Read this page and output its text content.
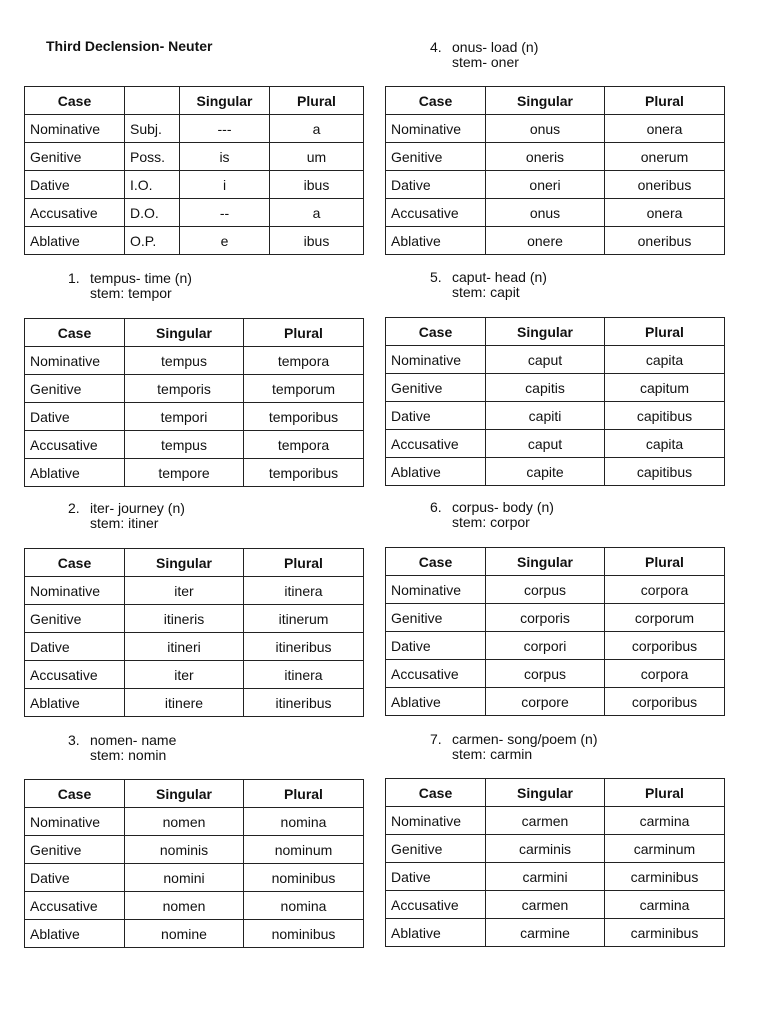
Third Declension- Neuter
Case		Singular	Plural
Nominative	Subj.	---	a
Genitive	Poss.	is	um
Dative	I.O.	i	ibus
Accusative	D.O.	--	a
Ablative	O.P.	e	ibus
1. tempus- time (n)
stem: tempor
Case	Singular	Plural
Nominative	tempus	tempora
Genitive	temporis	temporum
Dative	tempori	temporibus
Accusative	tempus	tempora
Ablative	tempore	temporibus
2. iter- journey (n)
stem: itiner
Case	Singular	Plural
Nominative	iter	itinera
Genitive	itineris	itinerum
Dative	itineri	itineribus
Accusative	iter	itinera
Ablative	itinere	itineribus
3. nomen- name
stem: nomin
Case	Singular	Plural
Nominative	nomen	nomina
Genitive	nominis	nominum
Dative	nomini	nominibus
Accusative	nomen	nomina
Ablative	nomine	nominibus
4. onus- load (n)
stem- oner
Case	Singular	Plural
Nominative	onus	onera
Genitive	oneris	onerum
Dative	oneri	oneribus
Accusative	onus	onera
Ablative	onere	oneribus
5. caput- head (n)
stem: capit
Case	Singular	Plural
Nominative	caput	capita
Genitive	capitis	capitum
Dative	capiti	capitibus
Accusative	caput	capita
Ablative	capite	capitibus
6. corpus- body (n)
stem: corpor
Case	Singular	Plural
Nominative	corpus	corpora
Genitive	corporis	corporum
Dative	corpori	corporibus
Accusative	corpus	corpora
Ablative	corpore	corporibus
7. carmen- song/poem (n)
stem: carmin
Case	Singular	Plural
Nominative	carmen	carmina
Genitive	carminis	carminum
Dative	carmini	carminibus
Accusative	carmen	carmina
Ablative	carmine	carminibus
